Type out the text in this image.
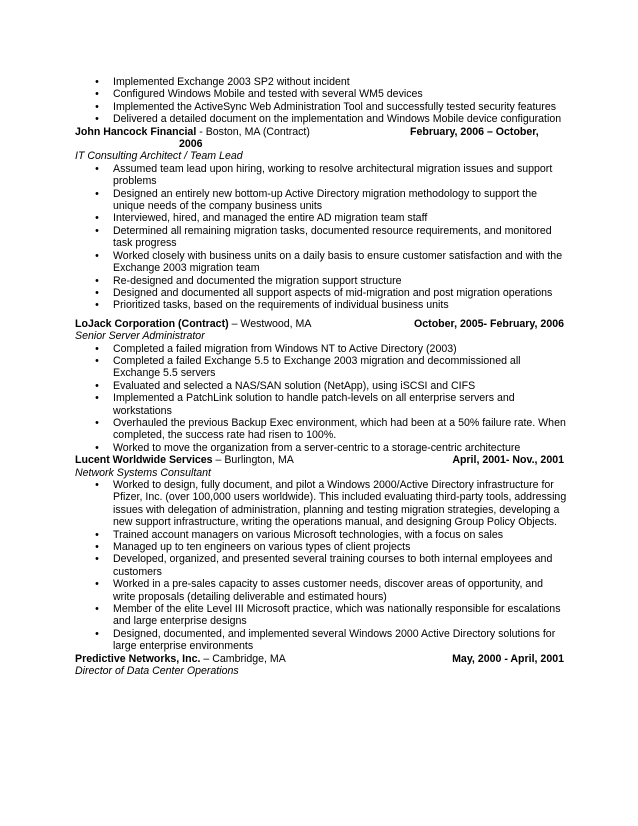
• Implemented Exchange 2003 SP2 without incident
• Configured Windows Mobile and tested with several WM5 devices
• Implemented the ActiveSync Web Administration Tool and successfully tested security features
• Delivered a detailed document on the implementation and Windows Mobile device configuration
John Hancock Financial - Boston, MA (Contract)	February, 2006 – October,
2006
IT Consulting Architect / Team Lead
• Assumed team lead upon hiring, working to resolve architectural migration issues and support problems
• Designed an entirely new bottom-up Active Directory migration methodology to support the unique needs of the company business units
• Interviewed, hired, and managed the entire AD migration team staff
• Determined all remaining migration tasks, documented resource requirements, and monitored task progress
• Worked closely with business units on a daily basis to ensure customer satisfaction and with the Exchange 2003 migration team
• Re-designed and documented the migration support structure
• Designed and documented all support aspects of mid-migration and post migration operations
• Prioritized tasks, based on the requirements of individual business units
LoJack Corporation (Contract) – Westwood, MA	October, 2005- February, 2006
Senior Server Administrator
• Completed a failed migration from Windows NT to Active Directory (2003)
• Completed a failed Exchange 5.5 to Exchange 2003 migration and decommissioned all Exchange 5.5 servers
• Evaluated and selected a NAS/SAN solution (NetApp), using iSCSI and CIFS
• Implemented a PatchLink solution to handle patch-levels on all enterprise servers and workstations
• Overhauled the previous Backup Exec environment, which had been at a 50% failure rate. When completed, the success rate had risen to 100%.
• Worked to move the organization from a server-centric to a storage-centric architecture
Lucent Worldwide Services – Burlington, MA	April, 2001- Nov., 2001
Network Systems Consultant
• Worked to design, fully document, and pilot a Windows 2000/Active Directory infrastructure for Pfizer, Inc. (over 100,000 users worldwide). This included evaluating third-party tools, addressing issues with delegation of administration, planning and testing migration strategies, developing a new support infrastructure, writing the operations manual, and designing Group Policy Objects.
• Trained account managers on various Microsoft technologies, with a focus on sales
• Managed up to ten engineers on various types of client projects
• Developed, organized, and presented several training courses to both internal employees and customers
• Worked in a pre-sales capacity to asses customer needs, discover areas of opportunity, and write proposals (detailing deliverable and estimated hours)
• Member of the elite Level III Microsoft practice, which was nationally responsible for escalations and large enterprise designs
• Designed, documented, and implemented several Windows 2000 Active Directory solutions for large enterprise environments
Predictive Networks, Inc. – Cambridge, MA	May, 2000 - April, 2001
Director of Data Center Operations
